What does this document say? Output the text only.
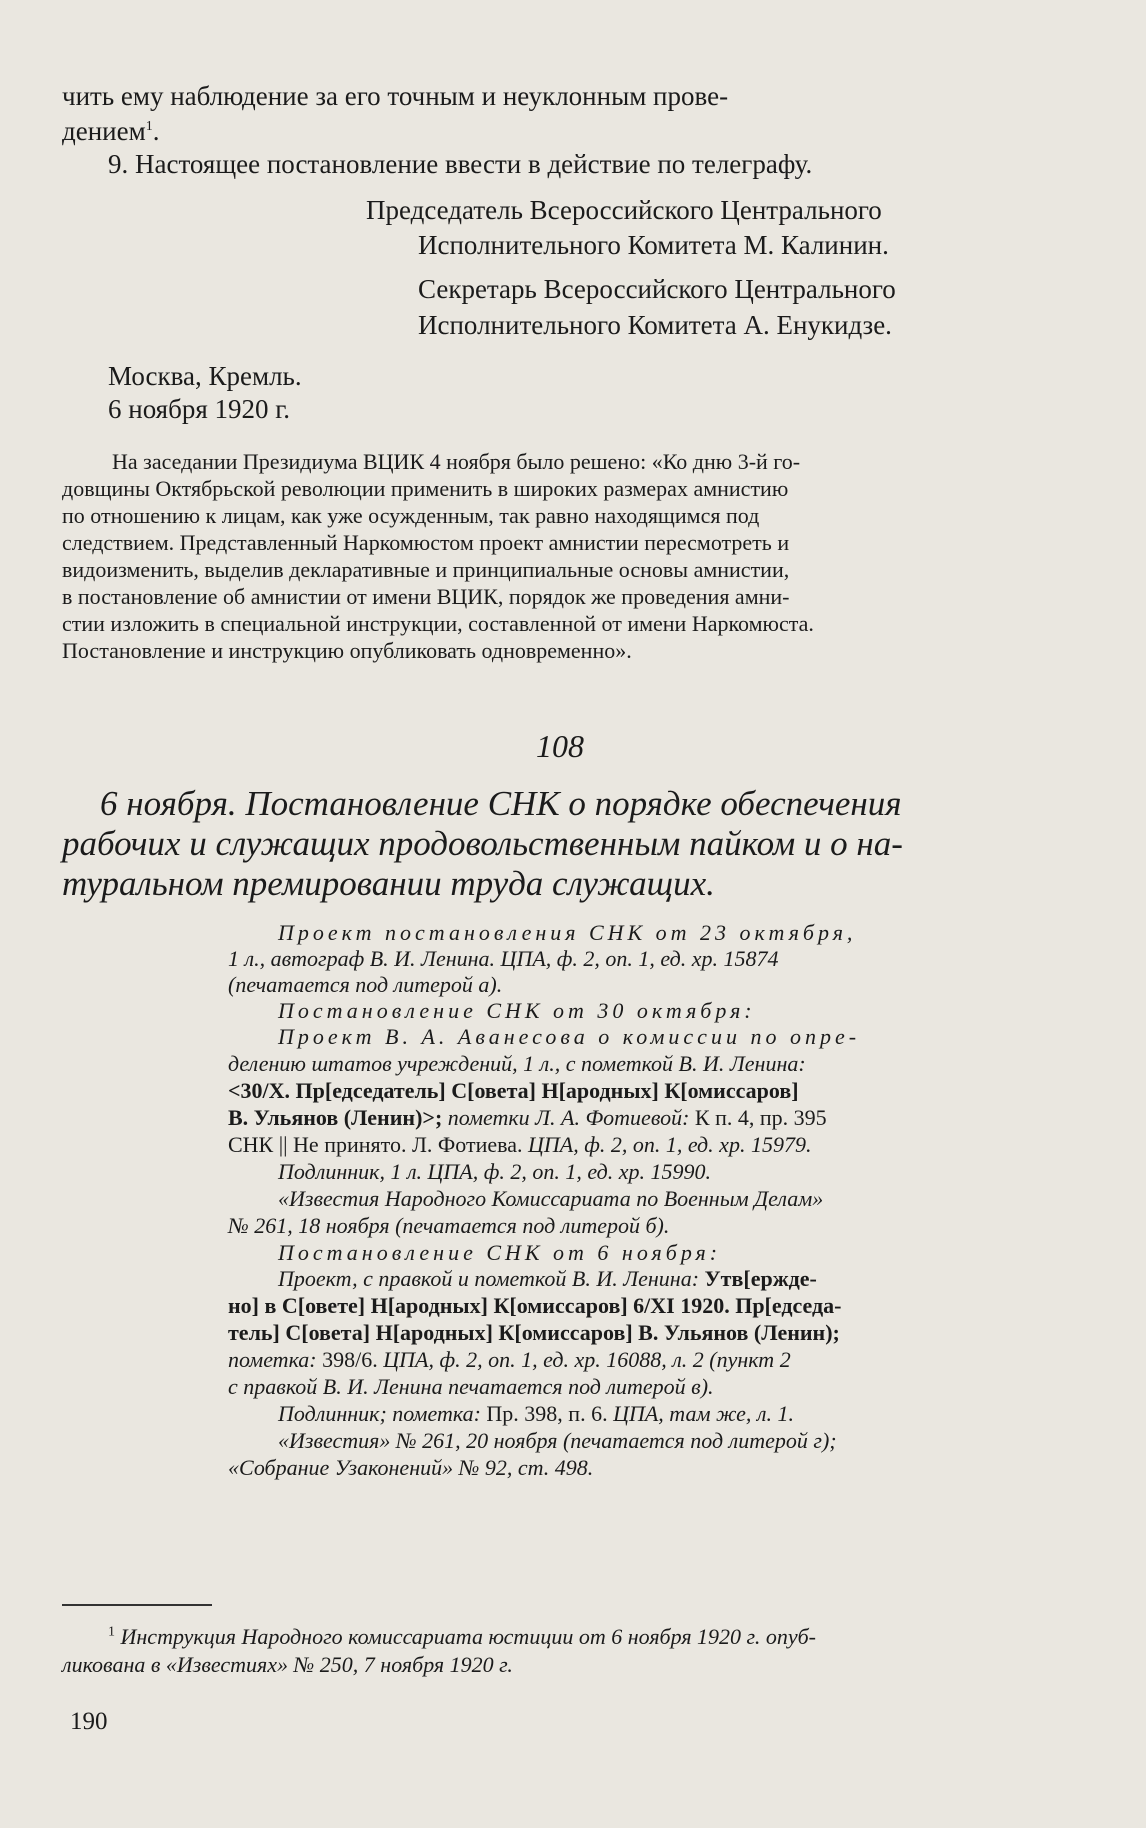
чить ему наблюдение за его точным и неуклонным прове-
дением$^1$.
9. Настоящее постановление ввести в действие по телеграфу.
Председатель Всероссийского Центрального
Исполнительного Комитета М. Калинин.
Секретарь Всероссийского Центрального
Исполнительного Комитета А. Енукидзе.
Москва, Кремль.
6 ноября 1920 г.
На заседании Президиума ВЦИК 4 ноября было решено: «Ко дню 3-й го-
довщины Октябрьской революции применить в широких размерах амнистию
по отношению к лицам, как уже осужденным, так равно находящимся под
следствием. Представленный Наркомюстом проект амнистии пересмотреть и
видоизменить, выделив декларативные и принципиальные основы амнистии,
в постановление об амнистии от имени ВЦИК, порядок же проведения амни-
стии изложить в специальной инструкции, составленной от имени Наркомюста.
Постановление и инструкцию опубликовать одновременно».
108
6 ноября. Постановление СНК о порядке обеспечения
рабочих и служащих продовольственным пайком и о на-
туральном премировании труда служащих.
Проект постановления СНК от 23 октября,
1 л., автограф В. И. Ленина. ЦПА, ф. 2, оп. 1, ед. хр. 15874
(печатается под литерой а).
Постановление СНК от 30 октября:
Проект В. А. Аванесова о комиссии по опре-
делению штатов учреждений, 1 л., с пометкой В. И. Ленина:
<30/X. Пр[едседатель] С[овета] Н[ародных] К[омиссаров]
В. Ульянов (Ленин)>; пометки Л. А. Фотиевой: К п. 4, пр. 395
СНК || Не принято. Л. Фотиева. ЦПА, ф. 2, оп. 1, ед. хр. 15979.
Подлинник, 1 л. ЦПА, ф. 2, оп. 1, ед. хр. 15990.
«Известия Народного Комиссариата по Военным Делам»
№ 261, 18 ноября (печатается под литерой б).
Постановление СНК от 6 ноября:
Проект, с правкой и пометкой В. И. Ленина: Утв[ержде-
но] в С[овете] Н[ародных] К[омиссаров] 6/XI 1920. Пр[едседа-
тель] С[овета] Н[ародных] К[омиссаров] В. Ульянов (Ленин);
пометка: 398/6. ЦПА, ф. 2, оп. 1, ед. хр. 16088, л. 2 (пункт 2
с правкой В. И. Ленина печатается под литерой в).
Подлинник; пометка: Пр. 398, п. 6. ЦПА, там же, л. 1.
«Известия» № 261, 20 ноября (печатается под литерой г);
«Собрание Узаконений» № 92, ст. 498.
$^1$ Инструкция Народного комиссариата юстиции от 6 ноября 1920 г. опуб-
ликована в «Известиях» № 250, 7 ноября 1920 г.
190
